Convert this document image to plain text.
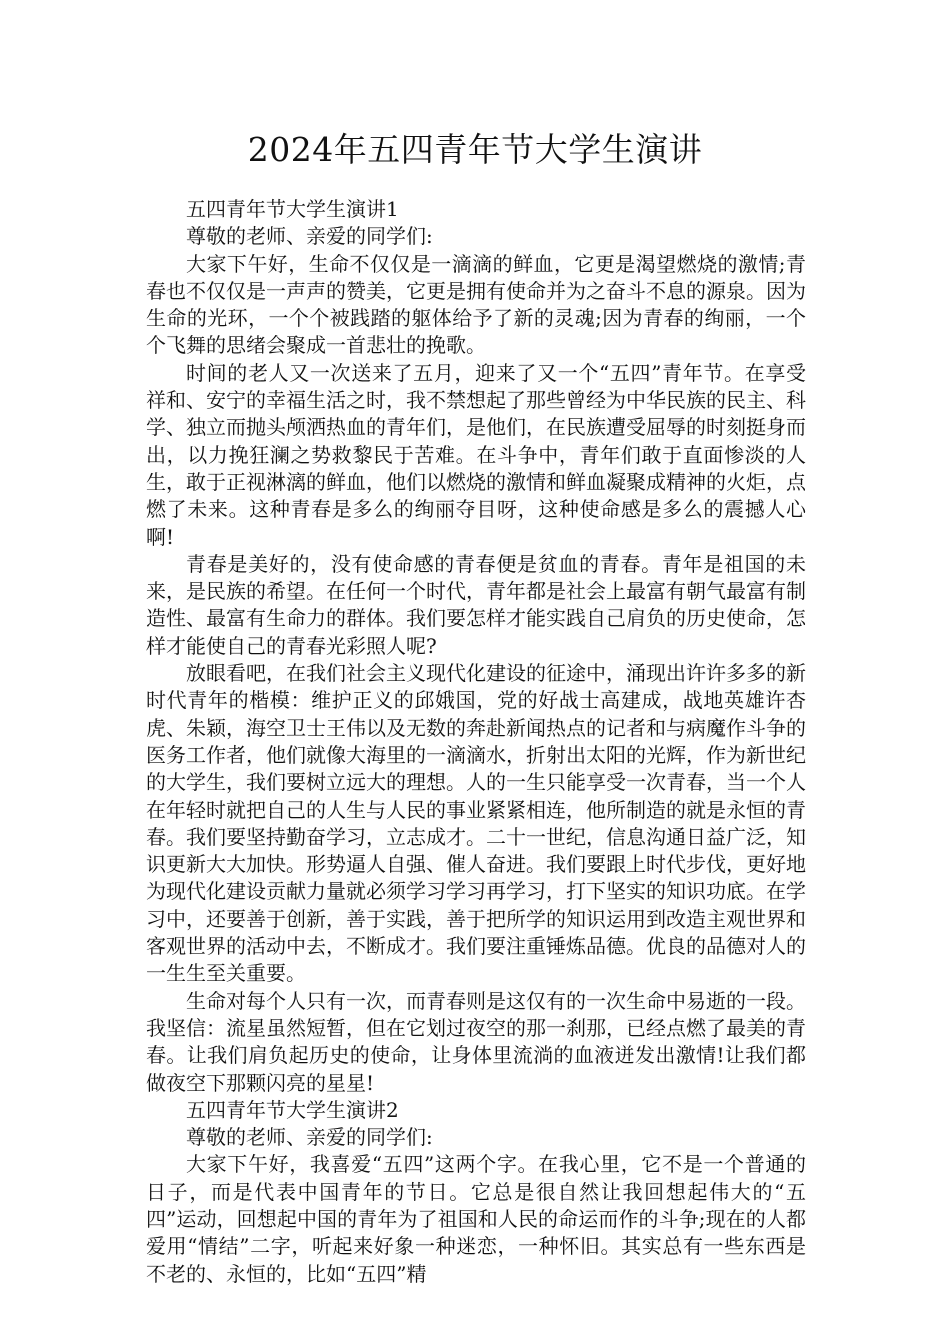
2024年五四青年节大学生演讲

五四青年节大学生演讲1

尊敬的老师、亲爱的同学们:

大家下午好，生命不仅仅是一滴滴的鲜血，它更是渴望燃烧的激情;青春也不仅仅是一声声的赞美，它更是拥有使命并为之奋斗不息的源泉。因为生命的光环，一个个被践踏的躯体给予了新的灵魂;因为青春的绚丽，一个个飞舞的思绪会聚成一首悲壮的挽歌。

时间的老人又一次送来了五月，迎来了又一个“五四”青年节。在享受祥和、安宁的幸福生活之时，我不禁想起了那些曾经为中华民族的民主、科学、独立而抛头颅洒热血的青年们，是他们，在民族遭受屈辱的时刻挺身而出，以力挽狂澜之势救黎民于苦难。在斗争中，青年们敢于直面惨淡的人生，敢于正视淋漓的鲜血，他们以燃烧的激情和鲜血凝聚成精神的火炬，点燃了未来。这种青春是多么的绚丽夺目呀，这种使命感是多么的震撼人心啊!

青春是美好的，没有使命感的青春便是贫血的青春。青年是祖国的未来，是民族的希望。在任何一个时代，青年都是社会上最富有朝气最富有制造性、最富有生命力的群体。我们要怎样才能实践自己肩负的历史使命，怎样才能使自己的青春光彩照人呢?

放眼看吧，在我们社会主义现代化建设的征途中，涌现出许许多多的新时代青年的楷模：维护正义的邱娥国，党的好战士高建成，战地英雄许杏虎、朱颖，海空卫士王伟以及无数的奔赴新闻热点的记者和与病魔作斗争的医务工作者，他们就像大海里的一滴滴水，折射出太阳的光辉，作为新世纪的大学生，我们要树立远大的理想。人的一生只能享受一次青春，当一个人在年轻时就把自己的人生与人民的事业紧紧相连，他所制造的就是永恒的青春。我们要坚持勤奋学习，立志成才。二十一世纪，信息沟通日益广泛，知识更新大大加快。形势逼人自强、催人奋进。我们要跟上时代步伐，更好地为现代化建设贡献力量就必须学习学习再学习，打下坚实的知识功底。在学习中，还要善于创新，善于实践，善于把所学的知识运用到改造主观世界和客观世界的活动中去，不断成才。我们要注重锤炼品德。优良的品德对人的一生生至关重要。

生命对每个人只有一次，而青春则是这仅有的一次生命中易逝的一段。我坚信：流星虽然短暂，但在它划过夜空的那一刹那，已经点燃了最美的青春。让我们肩负起历史的使命，让身体里流淌的血液迸发出激情!让我们都做夜空下那颗闪亮的星星!

五四青年节大学生演讲2

尊敬的老师、亲爱的同学们:

大家下午好，我喜爱“五四”这两个字。在我心里，它不是一个普通的日子，而是代表中国青年的节日。它总是很自然让我回想起伟大的“五四”运动，回想起中国的青年为了祖国和人民的命运而作的斗争;现在的人都爱用“情结”二字，听起来好象一种迷恋，一种怀旧。其实总有一些东西是不老的、永恒的，比如“五四”精
